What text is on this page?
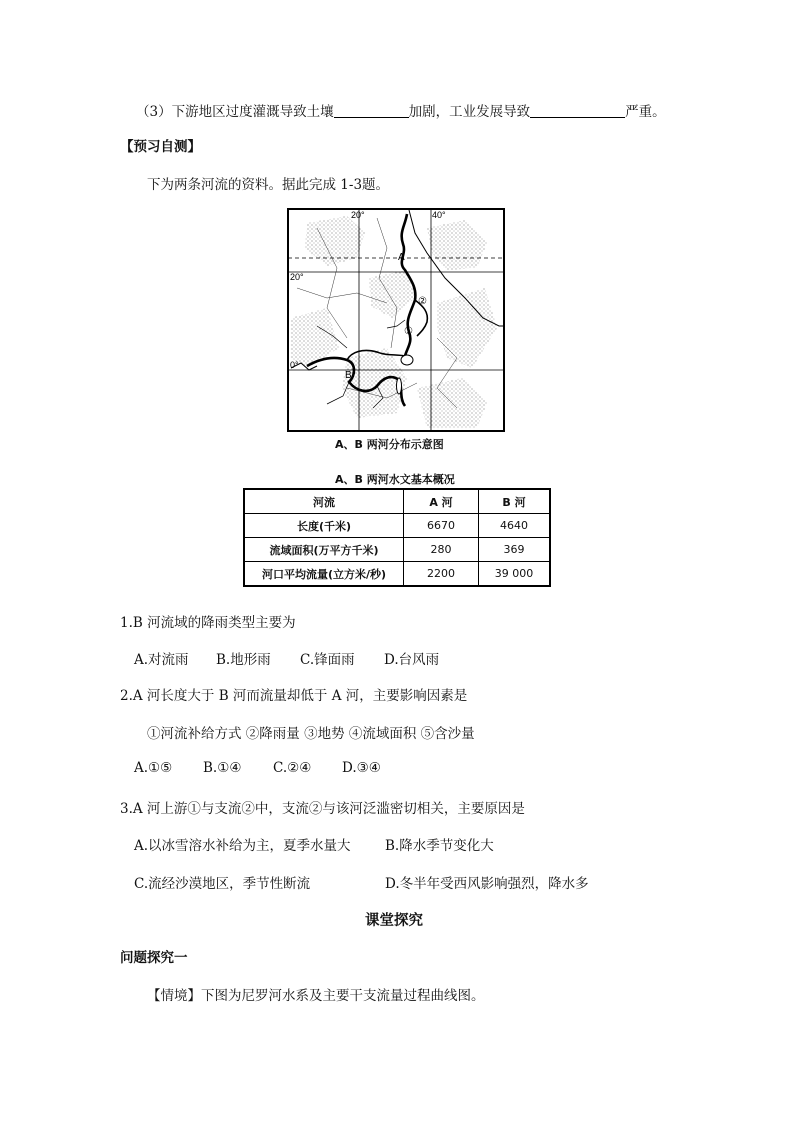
（3）下游地区过度灌溉导致土壤	加剧，工业发展导致	严重。
【预习自测】
下为两条河流的资料。据此完成 1-3题。
20°	40°
20°
0°
A
B
②
①
A、B 两河分布示意图
A、B 两河水文基本概况
河流	A 河	B 河
长度(千米)	6670	4640
流域面积(万平方千米)	280	369
河口平均流量(立方米/秒)	2200	39 000
1.B 河流域的降雨类型主要为
A.对流雨 B.地形雨 C.锋面雨 D.台风雨
2.A 河长度大于 B 河而流量却低于 A 河，主要影响因素是
①河流补给方式 ②降雨量 ③地势 ④流域面积 ⑤含沙量
A.①⑤ B.①④ C.②④ D.③④
3.A 河上游①与支流②中，支流②与该河泛滥密切相关，主要原因是
A.以冰雪溶水补给为主，夏季水量大	B.降水季节变化大
C.流经沙漠地区，季节性断流	D.冬半年受西风影响强烈，降水多
课堂探究
问题探究一
【情境】下图为尼罗河水系及主要干支流量过程曲线图。
